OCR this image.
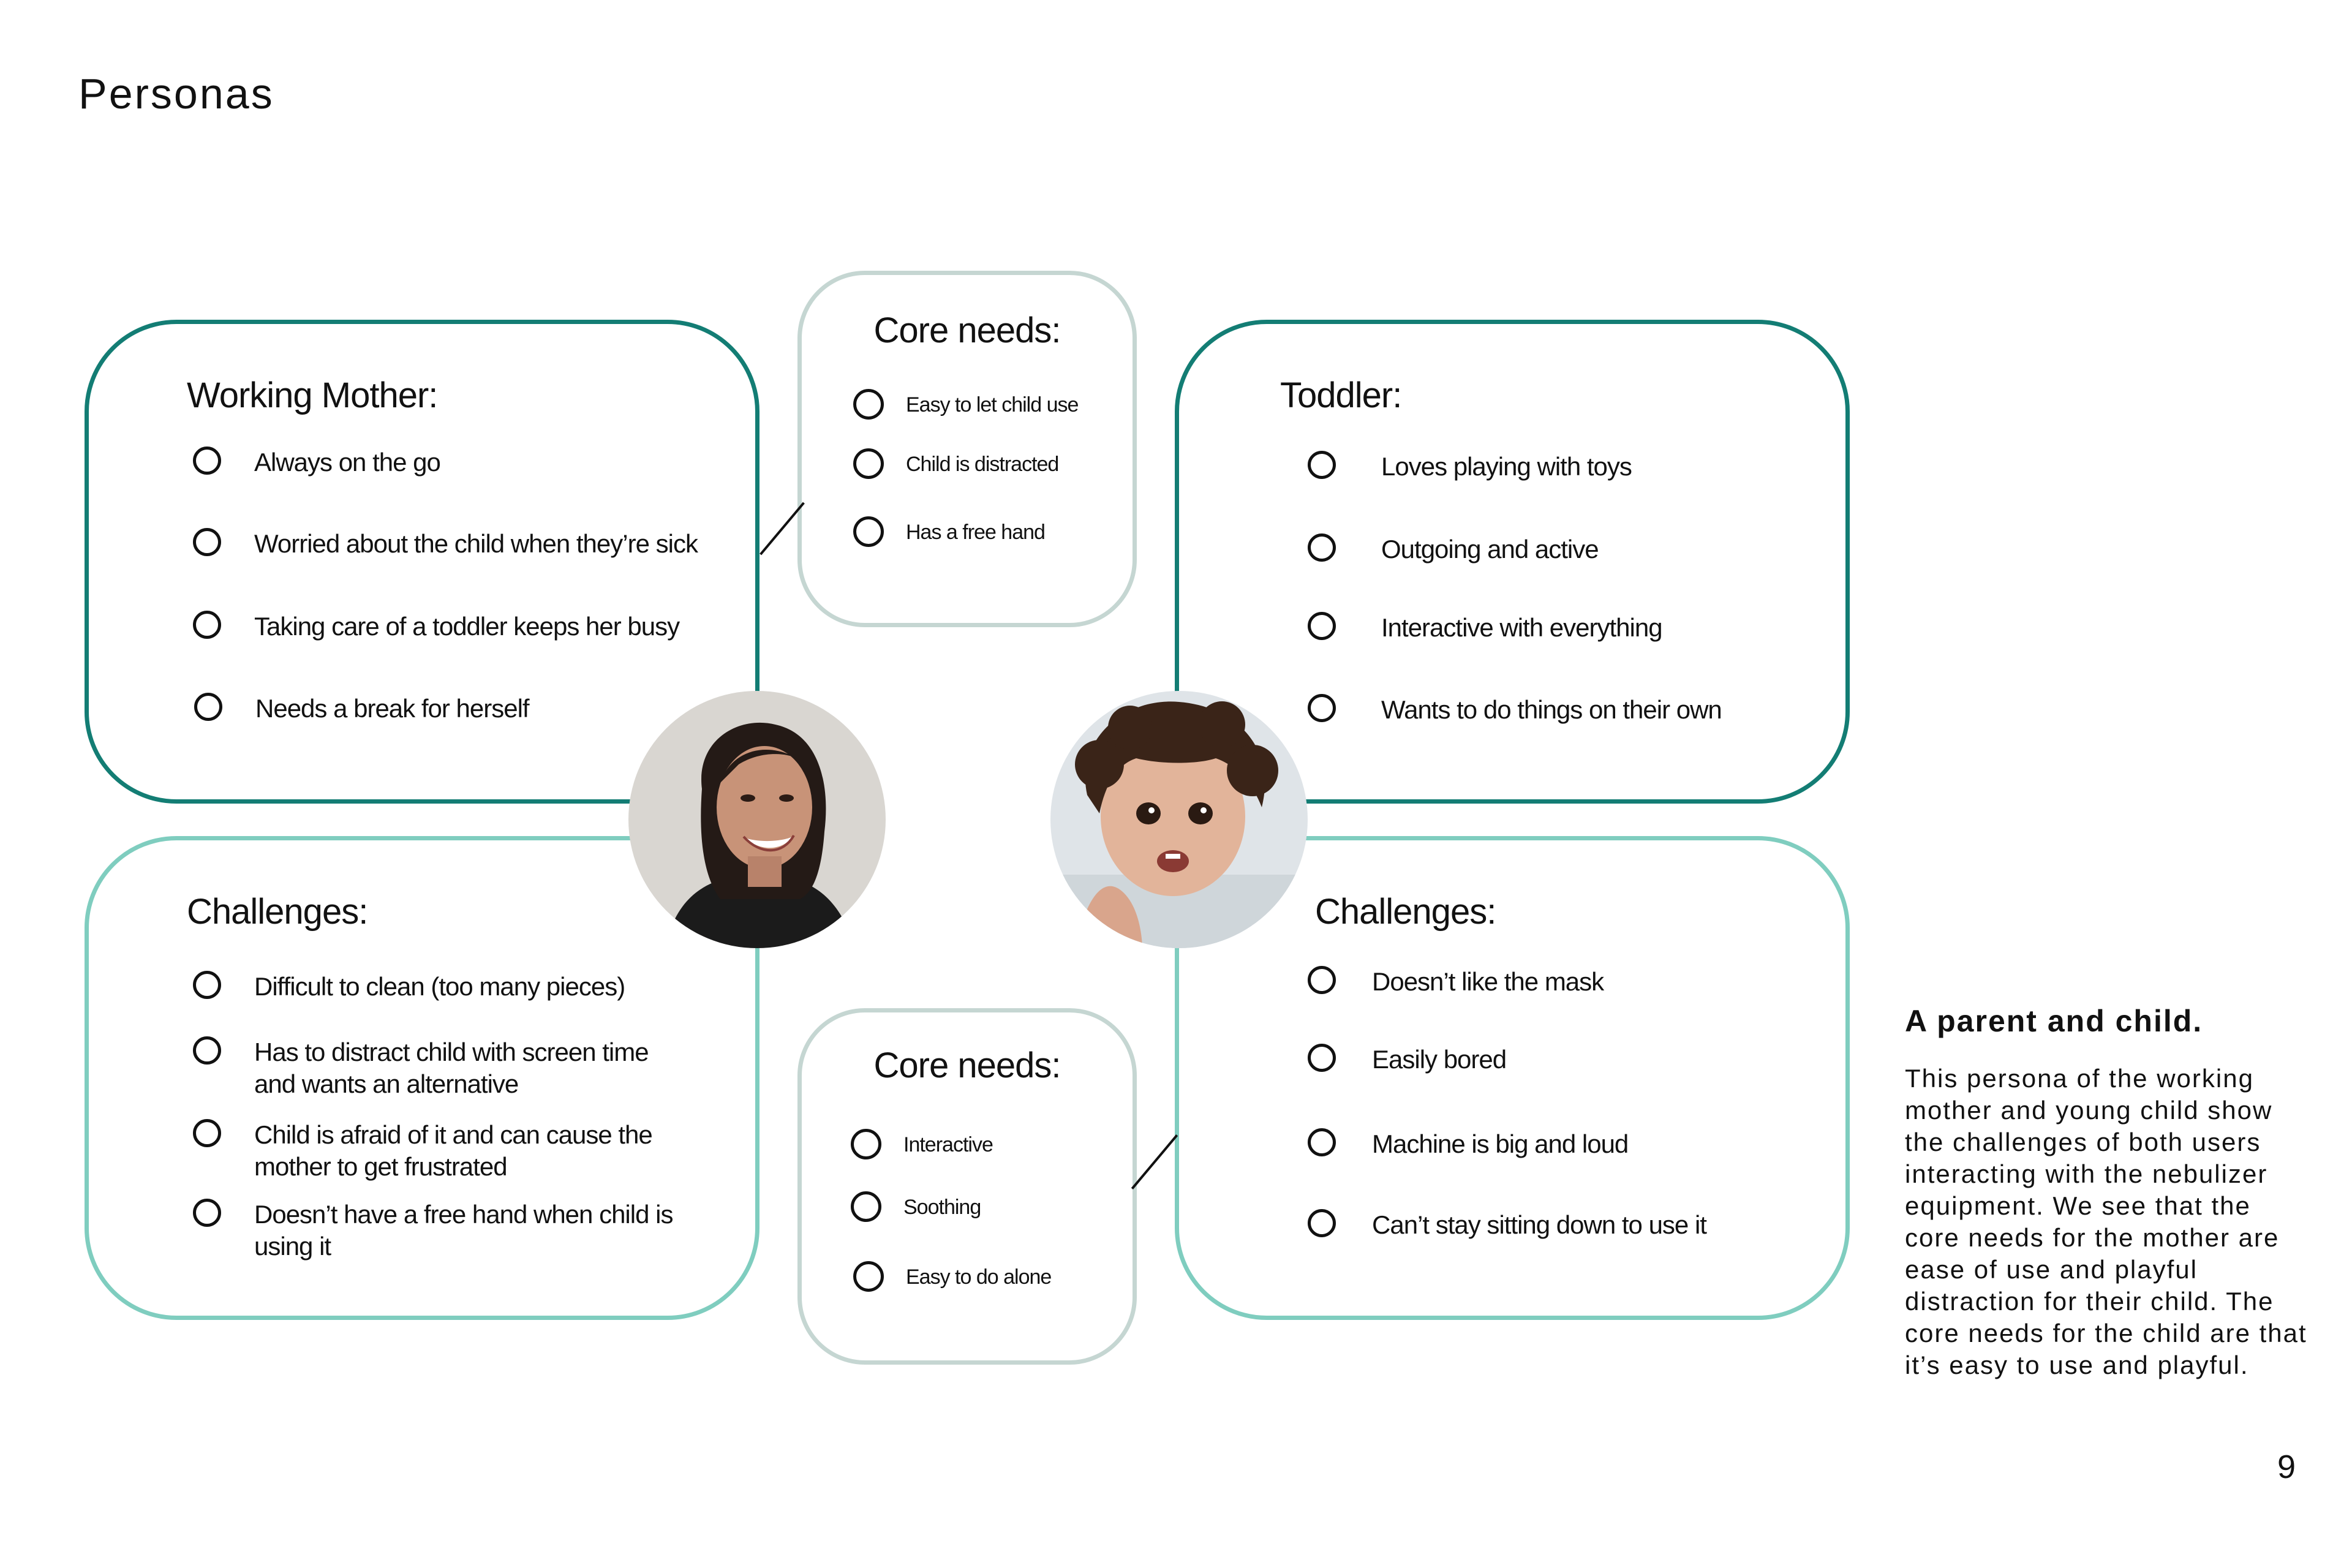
Personas
Working Mother:
Always on the go
Worried about the child when they’re sick
Taking care of a toddler keeps her busy
Needs a break for herself
Challenges:
Difficult to clean (too many pieces)
Has to distract child with screen time and wants an alternative
Child is afraid of it and can cause the mother to get frustrated
Doesn’t have a free hand when child is using it
Core needs:
Easy to let child use
Child is distracted
Has a free hand
Toddler:
Loves playing with toys
Outgoing and active
Interactive with everything
Wants to do things on their own
Challenges:
Doesn’t like the mask
Easily bored
Machine is big and loud
Can’t stay sitting down to use it
Core needs:
Interactive
Soothing
Easy to do alone
A parent and child.

This persona of the working mother and young child show the challenges of both users interacting with the nebulizer equipment. We see that the core needs for the mother are ease of use and playful distraction for their child. The core needs for the child are that it’s easy to use and playful.

9
